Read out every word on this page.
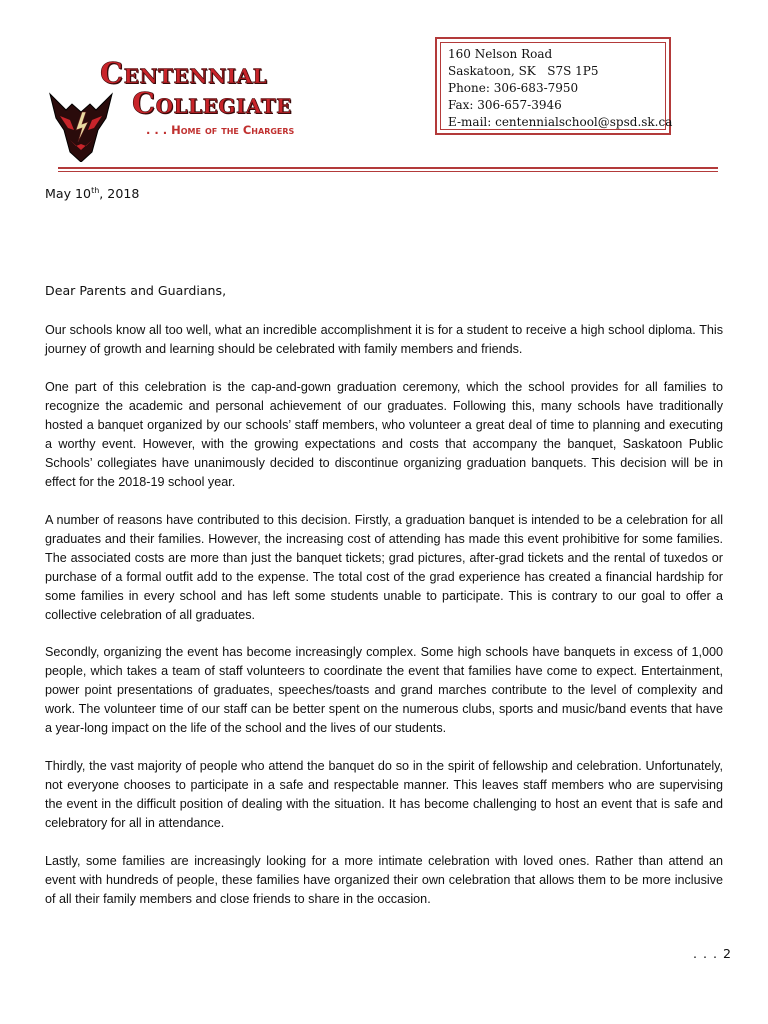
Centennial
Collegiate
. . . Home of the Chargers
160 Nelson Road
Saskatoon, SK   S7S 1P5
Phone: 306-683-7950
Fax: 306-657-3946
E-mail: centennialschool@spsd.sk.ca
May 10th, 2018
Dear Parents and Guardians,

Our schools know all too well, what an incredible accomplishment it is for a student to receive a high school diploma. This journey of growth and learning should be celebrated with family members and friends.

One part of this celebration is the cap-and-gown graduation ceremony, which the school provides for all families to recognize the academic and personal achievement of our graduates. Following this, many schools have traditionally hosted a banquet organized by our schools’ staff members, who volunteer a great deal of time to planning and executing a worthy event. However, with the growing expectations and costs that accompany the banquet, Saskatoon Public Schools’ collegiates have unanimously decided to discontinue organizing graduation banquets. This decision will be in effect for the 2018-19 school year.

A number of reasons have contributed to this decision. Firstly, a graduation banquet is intended to be a celebration for all graduates and their families. However, the increasing cost of attending has made this event prohibitive for some families. The associated costs are more than just the banquet tickets; grad pictures, after-grad tickets and the rental of tuxedos or purchase of a formal outfit add to the expense. The total cost of the grad experience has created a financial hardship for some families in every school and has left some students unable to participate. This is contrary to our goal to offer a collective celebration of all graduates.

Secondly, organizing the event has become increasingly complex. Some high schools have banquets in excess of 1,000 people, which takes a team of staff volunteers to coordinate the event that families have come to expect. Entertainment, power point presentations of graduates, speeches/toasts and grand marches contribute to the level of complexity and work. The volunteer time of our staff can be better spent on the numerous clubs, sports and music/band events that have a year-long impact on the life of the school and the lives of our students.

Thirdly, the vast majority of people who attend the banquet do so in the spirit of fellowship and celebration. Unfortunately, not everyone chooses to participate in a safe and respectable manner. This leaves staff members who are supervising the event in the difficult position of dealing with the situation. It has become challenging to host an event that is safe and celebratory for all in attendance.

Lastly, some families are increasingly looking for a more intimate celebration with loved ones. Rather than attend an event with hundreds of people, these families have organized their own celebration that allows them to be more inclusive of all their family members and close friends to share in the occasion.

. . . 2
